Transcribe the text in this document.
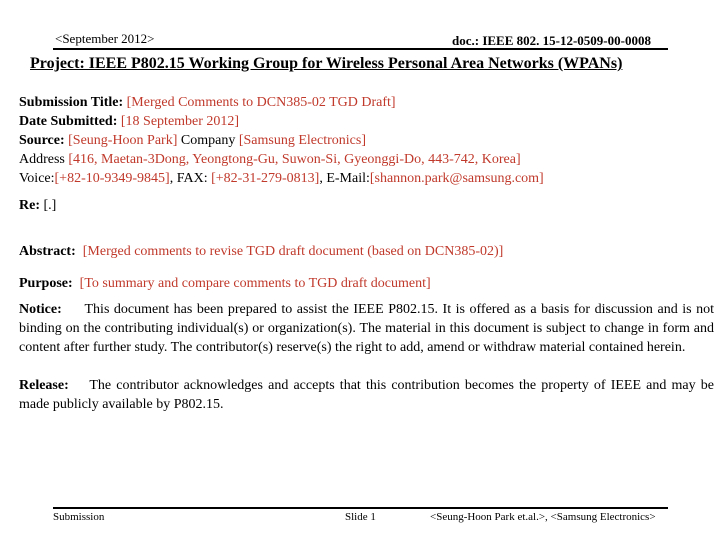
<September 2012>	doc.: IEEE 802. 15-12-0509-00-0008
Project: IEEE P802.15 Working Group for Wireless Personal Area Networks (WPANs)
Submission Title: [Merged Comments to DCN385-02 TGD Draft]
Date Submitted: [18 September 2012]
Source: [Seung-Hoon Park] Company [Samsung Electronics]
Address [416, Maetan-3Dong, Yeongtong-Gu, Suwon-Si, Gyeonggi-Do, 443-742, Korea]
Voice:[+82-10-9349-9845], FAX: [+82-31-279-0813], E-Mail:[shannon.park@samsung.com]
Re: [.]
Abstract: [Merged comments to revise TGD draft document (based on DCN385-02)]
Purpose: [To summary and compare comments to TGD draft document]
Notice: This document has been prepared to assist the IEEE P802.15. It is offered as a basis for discussion and is not binding on the contributing individual(s) or organization(s). The material in this document is subject to change in form and content after further study. The contributor(s) reserve(s) the right to add, amend or withdraw material contained herein.
Release: The contributor acknowledges and accepts that this contribution becomes the property of IEEE and may be made publicly available by P802.15.
Submission	Slide 1	<Seung-Hoon Park et.al.>, <Samsung Electronics>
